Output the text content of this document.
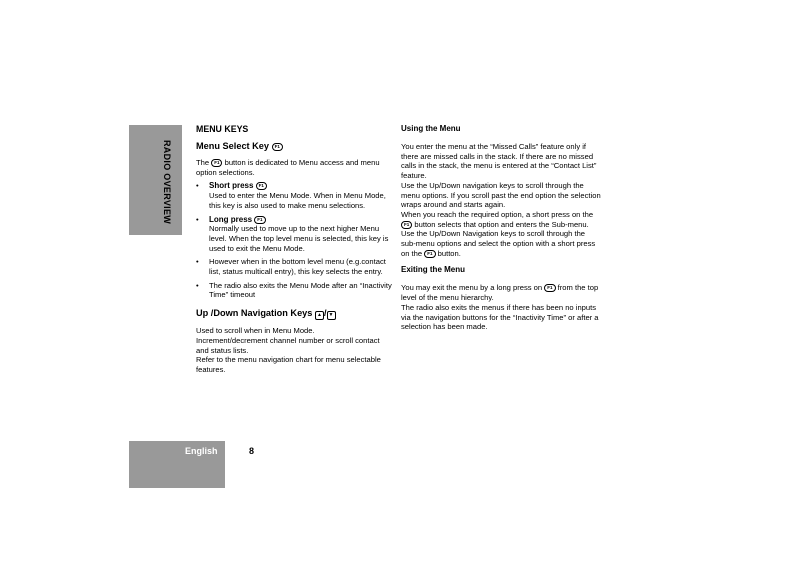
RADIO OVERVIEW
MENU KEYS
Menu Select Key F1

The F1 button is dedicated to Menu access and menu option selections.

• Short press F1
Used to enter the Menu Mode. When in Menu Mode, this key is also used to make menu selections.
• Long press F1
Normally used to move up to the next higher Menu level. When the top level menu is selected, this key is used to exit the Menu Mode.
• However when in the bottom level menu (e.g.contact list, status multicall entry), this key selects the entry.
• The radio also exits the Menu Mode after an “Inactivity Time” timeout
Up /Down Navigation Keys ▲ / ▼

Used to scroll when in Menu Mode.
Increment/decrement channel number or scroll contact and status lists.
Refer to the menu navigation chart for menu selectable features.

Using the Menu

You enter the menu at the “Missed Calls” feature only if there are missed calls in the stack. If there are no missed calls in the stack, the menu is entered at the “Contact List” feature.
Use the Up/Down navigation keys to scroll through the menu options. If you scroll past the end option the selection wraps around and starts again.
When you reach the required option, a short press on the F1 button selects that option and enters the Sub-menu.
Use the Up/Down Navigation keys to scroll through the sub-menu options and select the option with a short press on the F1 button.

Exiting the Menu

You may exit the menu by a long press on F1 from the top level of the menu hierarchy.
The radio also exits the menus if there has been no inputs via the navigation buttons for the “Inactivity Time” or after a selection has been made.

English	8
